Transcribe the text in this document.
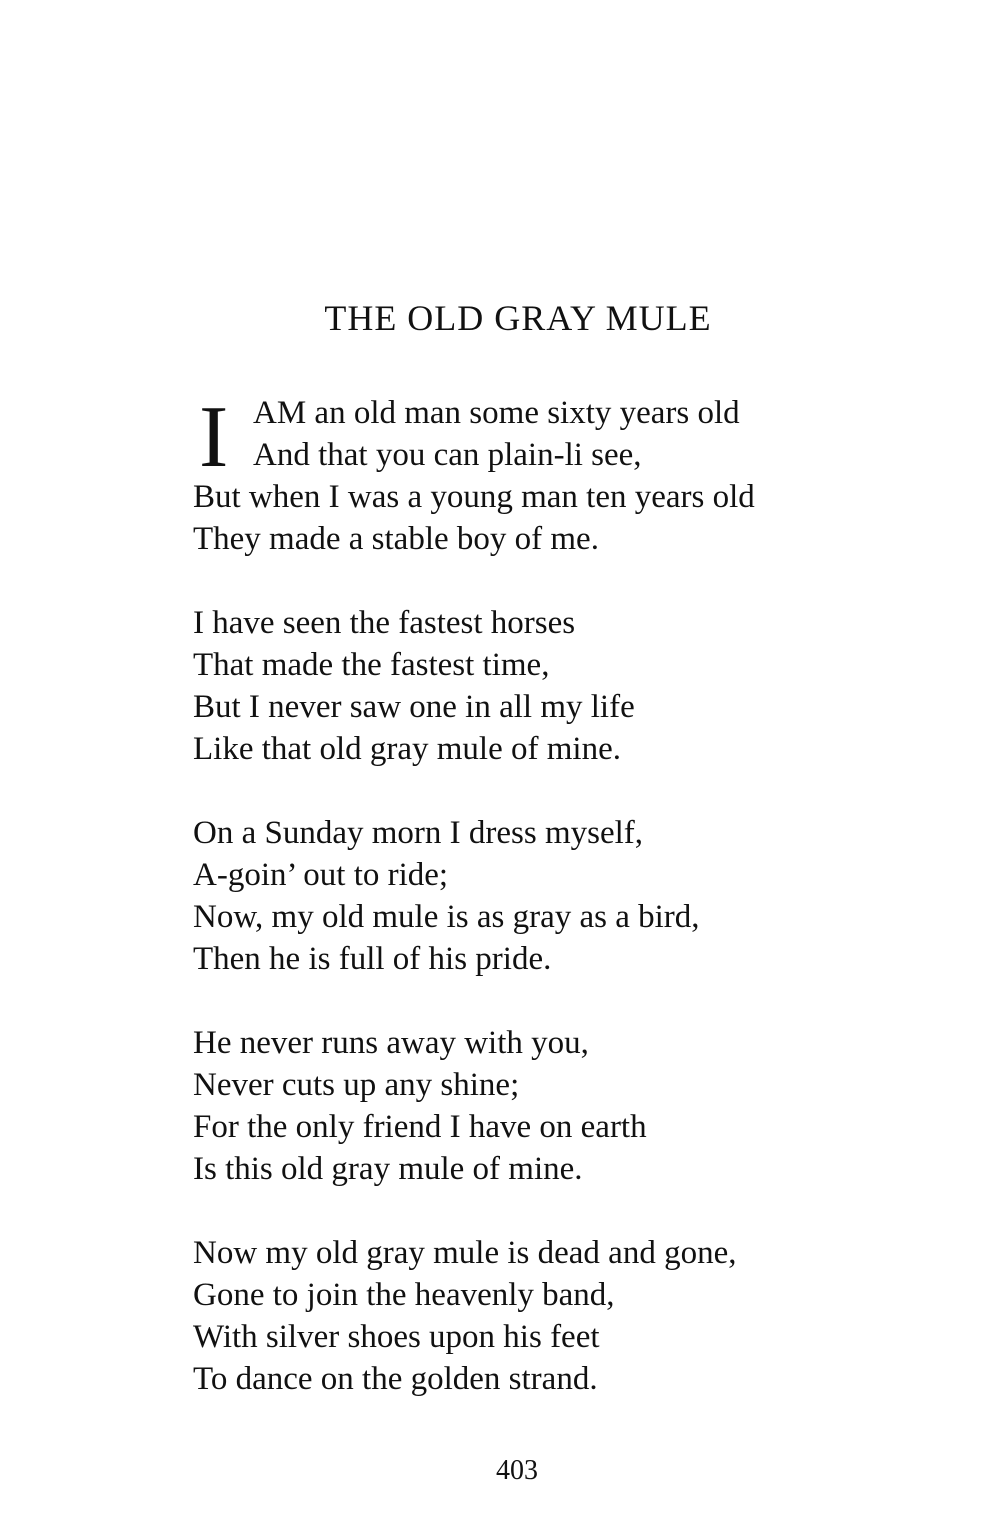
THE OLD GRAY MULE
I AM an old man some sixty years old
And that you can plain-li see,
But when I was a young man ten years old
They made a stable boy of me.
I have seen the fastest horses
That made the fastest time,
But I never saw one in all my life
Like that old gray mule of mine.
On a Sunday morn I dress myself,
A-goin’ out to ride;
Now, my old mule is as gray as a bird,
Then he is full of his pride.
He never runs away with you,
Never cuts up any shine;
For the only friend I have on earth
Is this old gray mule of mine.
Now my old gray mule is dead and gone,
Gone to join the heavenly band,
With silver shoes upon his feet
To dance on the golden strand.
403
